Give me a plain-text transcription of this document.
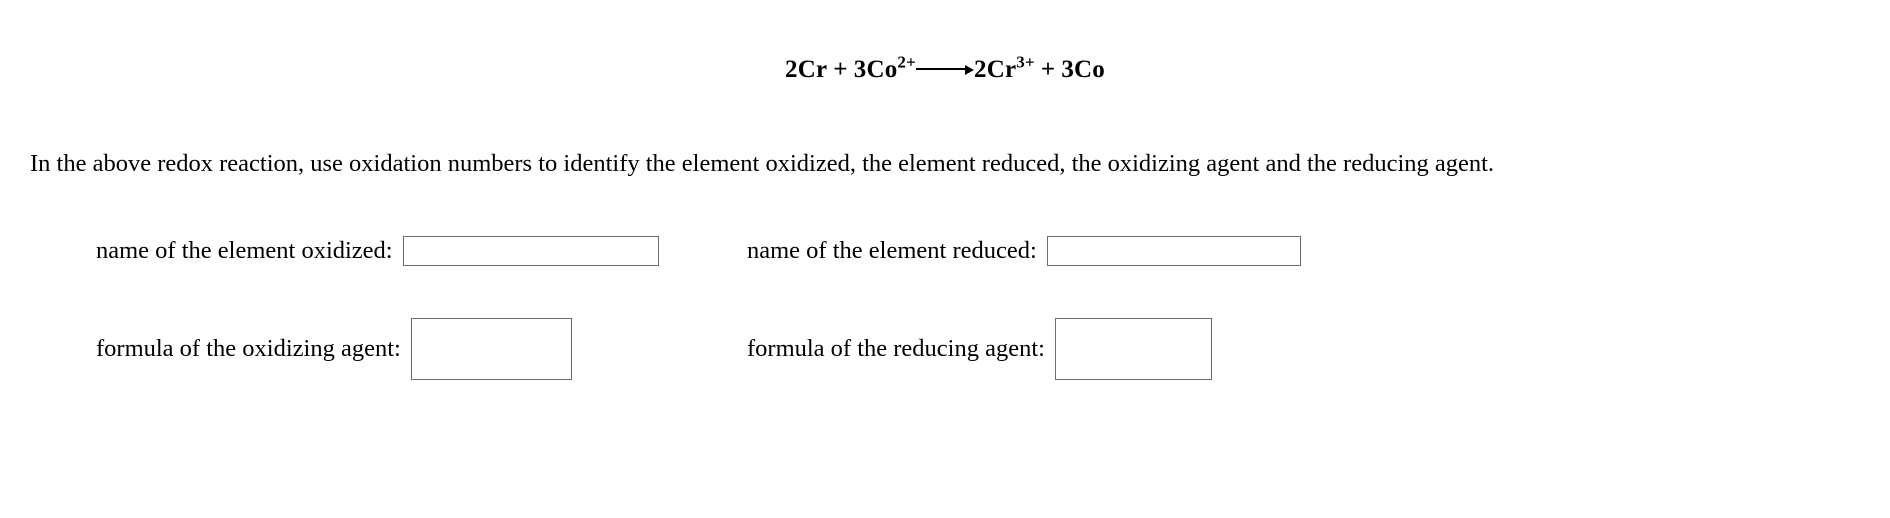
$2Cr + 3Co^{2+}$ $2Cr^{3+} + 3Co$
In the above redox reaction, use oxidation numbers to identify the element oxidized, the element reduced, the oxidizing agent and the reducing agent.
name of the element oxidized:	name of the element reduced:
formula of the oxidizing agent:	formula of the reducing agent:
